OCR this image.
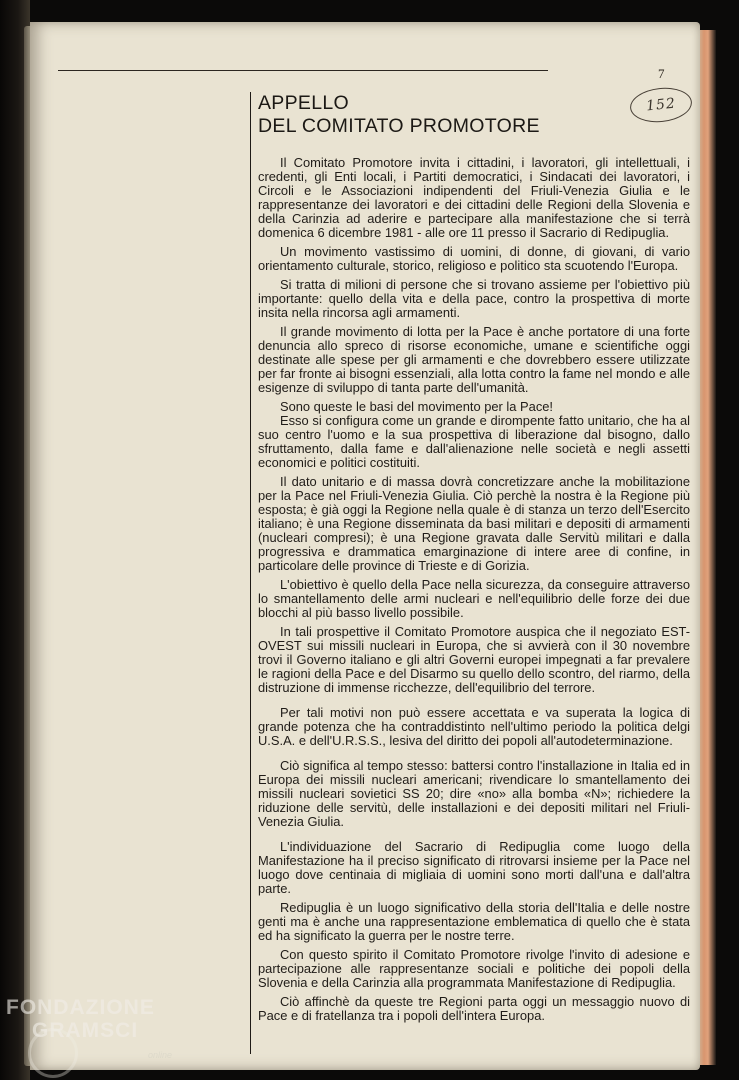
7
152
APPELLO
DEL COMITATO PROMOTORE

Il Comitato Promotore invita i cittadini, i lavoratori, gli intellettuali, i credenti, gli Enti locali, i Partiti democratici, i Sindacati dei lavoratori, i Circoli e le Associazioni indipendenti del Friuli-Venezia Giulia e le rappresentanze dei lavoratori e dei cittadini delle Regioni della Slovenia e della Carinzia ad aderire e partecipare alla manifestazione che si terrà domenica 6 dicembre 1981 - alle ore 11 presso il Sacrario di Redipuglia.

Un movimento vastissimo di uomini, di donne, di giovani, di vario orientamento culturale, storico, religioso e politico sta scuotendo l'Europa.

Si tratta di milioni di persone che si trovano assieme per l'obiettivo più importante: quello della vita e della pace, contro la prospettiva di morte insita nella rincorsa agli armamenti.

Il grande movimento di lotta per la Pace è anche portatore di una forte denuncia allo spreco di risorse economiche, umane e scientifiche oggi destinate alle spese per gli armamenti e che dovrebbero essere utilizzate per far fronte ai bisogni essenziali, alla lotta contro la fame nel mondo e alle esigenze di sviluppo di tanta parte dell'umanità.

Sono queste le basi del movimento per la Pace!

Esso si configura come un grande e dirompente fatto unitario, che ha al suo centro l'uomo e la sua prospettiva di liberazione dal bisogno, dallo sfruttamento, dalla fame e dall'alienazione nelle società e negli assetti economici e politici costituiti.

Il dato unitario e di massa dovrà concretizzare anche la mobilitazione per la Pace nel Friuli-Venezia Giulia. Ciò perchè la nostra è la Regione più esposta; è già oggi la Regione nella quale è di stanza un terzo dell'Esercito italiano; è una Regione disseminata da basi militari e depositi di armamenti (nucleari compresi); è una Regione gravata dalle Servitù militari e dalla progressiva e drammatica emarginazione di intere aree di confine, in particolare delle province di Trieste e di Gorizia.

L'obiettivo è quello della Pace nella sicurezza, da conseguire attraverso lo smantellamento delle armi nucleari e nell'equilibrio delle forze dei due blocchi al più basso livello possibile.

In tali prospettive il Comitato Promotore auspica che il negoziato EST-OVEST sui missili nucleari in Europa, che si avvierà con il 30 novembre trovi il Governo italiano e gli altri Governi europei impegnati a far prevalere le ragioni della Pace e del Disarmo su quello dello scontro, del riarmo, della distruzione di immense ricchezze, dell'equilibrio del terrore.

Per tali motivi non può essere accettata e va superata la logica di grande potenza che ha contraddistinto nell'ultimo periodo la politica delgi U.S.A. e dell'U.R.S.S., lesiva del diritto dei popoli all'autodeterminazione.

Ciò significa al tempo stesso: battersi contro l'installazione in Italia ed in Europa dei missili nucleari americani; rivendicare lo smantellamento dei missili nucleari sovietici SS 20; dire «no» alla bomba «N»; richiedere la riduzione delle servitù, delle installazioni e dei depositi militari nel Friuli-Venezia Giulia.

L'individuazione del Sacrario di Redipuglia come luogo della Manifestazione ha il preciso significato di ritrovarsi insieme per la Pace nel luogo dove centinaia di migliaia di uomini sono morti dall'una e dall'altra parte.

Redipuglia è un luogo significativo della storia dell'Italia e delle nostre genti ma è anche una rappresentazione emblematica di quello che è stata ed ha significato la guerra per le nostre terre.

Con questo spirito il Comitato Promotore rivolge l'invito di adesione e partecipazione alle rappresentanze sociali e politiche dei popoli della Slovenia e della Carinzia alla programmata Manifestazione di Redipuglia.

Ciò affinchè da queste tre Regioni parta oggi un messaggio nuovo di Pace e di fratellanza tra i popoli dell'intera Europa.

FONDAZIONE
GRAMSCI
online
